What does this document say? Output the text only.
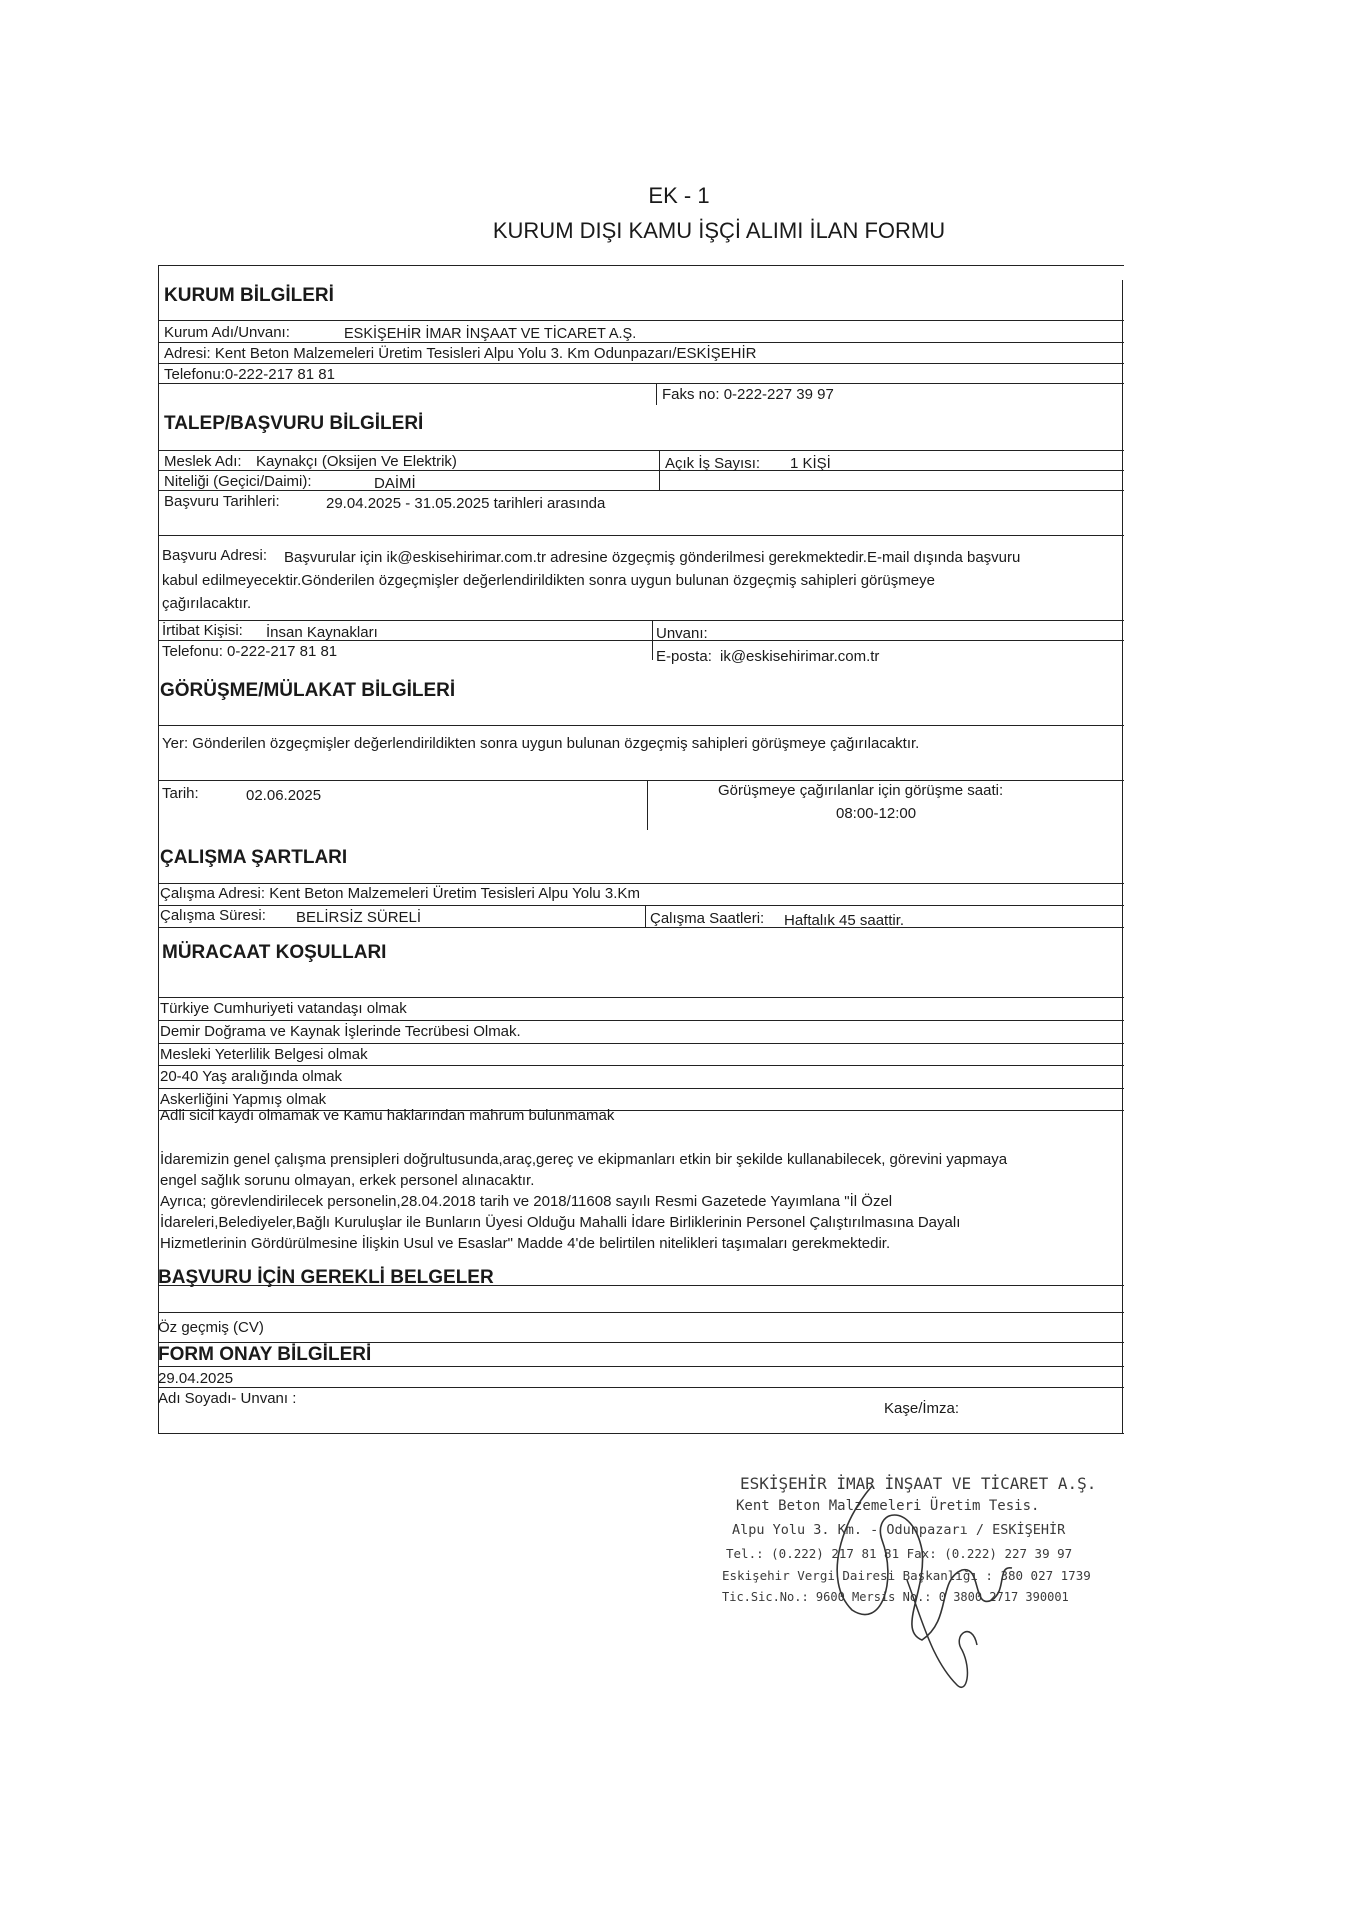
EK - 1
KURUM DIŞI KAMU İŞÇİ ALIMI İLAN FORMU
KURUM BİLGİLERİ
Kurum Adı/Unvanı:	ESKİŞEHİR İMAR İNŞAAT VE TİCARET A.Ş.
Adresi: Kent Beton Malzemeleri Üretim Tesisleri Alpu Yolu 3. Km Odunpazarı/ESKİŞEHİR
Telefonu:0-222-217 81 81
Faks no: 0-222-227 39 97
TALEP/BAŞVURU BİLGİLERİ
Meslek Adı: Kaynakçı (Oksijen Ve Elektrik)	Açık İş Sayısı: 1 KİŞİ
Niteliği (Geçici/Daimi):	DAİMİ
Başvuru Tarihleri:	29.04.2025 - 31.05.2025 tarihleri arasında
Başvuru Adresi: Başvurular için ik@eskisehirimar.com.tr adresine özgeçmiş gönderilmesi gerekmektedir.E-mail dışında başvuru
kabul edilmeyecektir.Gönderilen özgeçmişler değerlendirildikten sonra uygun bulunan özgeçmiş sahipleri görüşmeye
çağırılacaktır.
İrtibat Kişisi: İnsan Kaynakları	Unvanı:
Telefonu: 0-222-217 81 81	E-posta: ik@eskisehirimar.com.tr
GÖRÜŞME/MÜLAKAT BİLGİLERİ
Yer: Gönderilen özgeçmişler değerlendirildikten sonra uygun bulunan özgeçmiş sahipleri görüşmeye çağırılacaktır.
Tarih:	02.06.2025	Görüşmeye çağırılanlar için görüşme saati:
08:00-12:00
ÇALIŞMA ŞARTLARI
Çalışma Adresi: Kent Beton Malzemeleri Üretim Tesisleri Alpu Yolu 3.Km
Çalışma Süresi: BELİRSİZ SÜRELİ	Çalışma Saatleri: Haftalık 45 saattir.
MÜRACAAT KOŞULLARI
Türkiye Cumhuriyeti vatandaşı olmak
Demir Doğrama ve Kaynak İşlerinde Tecrübesi Olmak.
Mesleki Yeterlilik Belgesi olmak
20-40 Yaş aralığında olmak
Askerliğini Yapmış olmak
Adli sicil kaydı olmamak ve Kamu haklarından mahrum bulunmamak
İdaremizin genel çalışma prensipleri doğrultusunda,araç,gereç ve ekipmanları etkin bir şekilde kullanabilecek, görevini yapmaya
engel sağlık sorunu olmayan, erkek personel alınacaktır.
Ayrıca; görevlendirilecek personelin,28.04.2018 tarih ve 2018/11608 sayılı Resmi Gazetede Yayımlana "İl Özel
İdareleri,Belediyeler,Bağlı Kuruluşlar ile Bunların Üyesi Olduğu Mahalli İdare Birliklerinin Personel Çalıştırılmasına Dayalı
Hizmetlerinin Gördürülmesine İlişkin Usul ve Esaslar" Madde 4'de belirtilen nitelikleri taşımaları gerekmektedir.
BAŞVURU İÇİN GEREKLİ BELGELER
Öz geçmiş (CV)
FORM ONAY BİLGİLERİ
29.04.2025
Adı Soyadı- Unvanı :
Kaşe/İmza:
ESKİŞEHİR İMAR İNŞAAT VE TİCARET A.Ş.
Kent Beton Malzemeleri Üretim Tesis.
Alpu Yolu 3. Km. - Odunpazarı / ESKİŞEHİR
Tel.: (0.222) 217 81 81 Fax: (0.222) 227 39 97
Eskişehir Vergi Dairesi Başkanlığı : 380 027 1739
Tic.Sic.No.: 9600 Mersis No.: 0 3800 2717 390001
